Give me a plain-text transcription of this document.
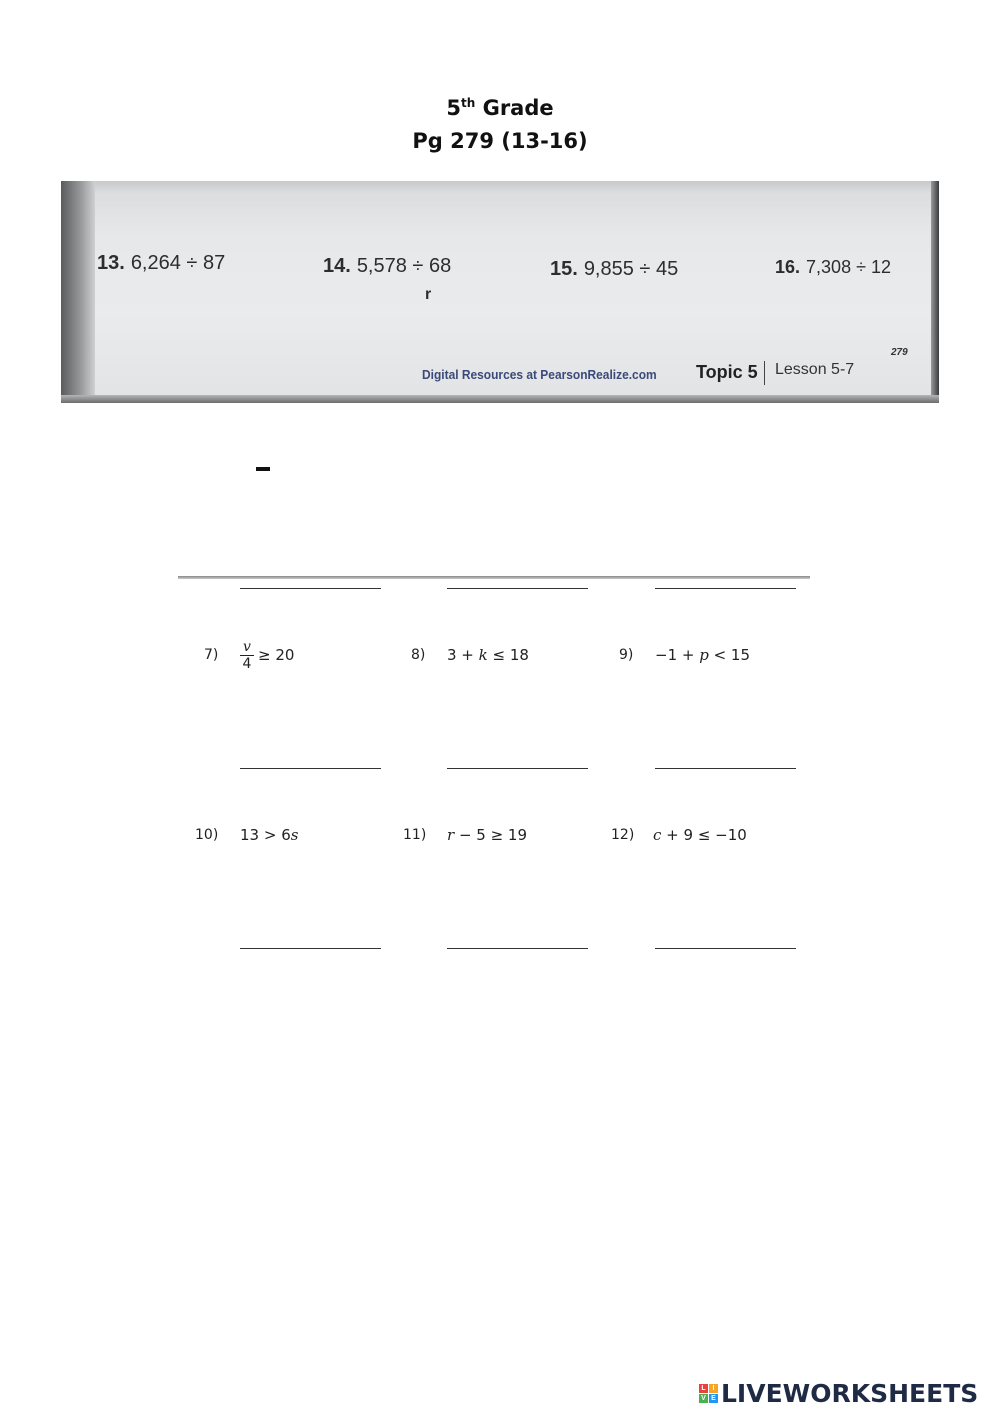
5th Grade
Pg 279 (13-16)
13. 6,264 ÷ 87	14. 5,578 ÷ 68	15. 9,855 ÷ 45	16. 7,308 ÷ 12
r
Digital Resources at PearsonRealize.com Topic 5 Lesson 5-7
279
7) v
4 ≥ 20	8) 3 + k ≤ 18	9) −1 + p < 15
10) 13 > 6s	11) r − 5 ≥ 19	12) c + 9 ≤ −10
L I
V E LIVEWORKSHEETS
